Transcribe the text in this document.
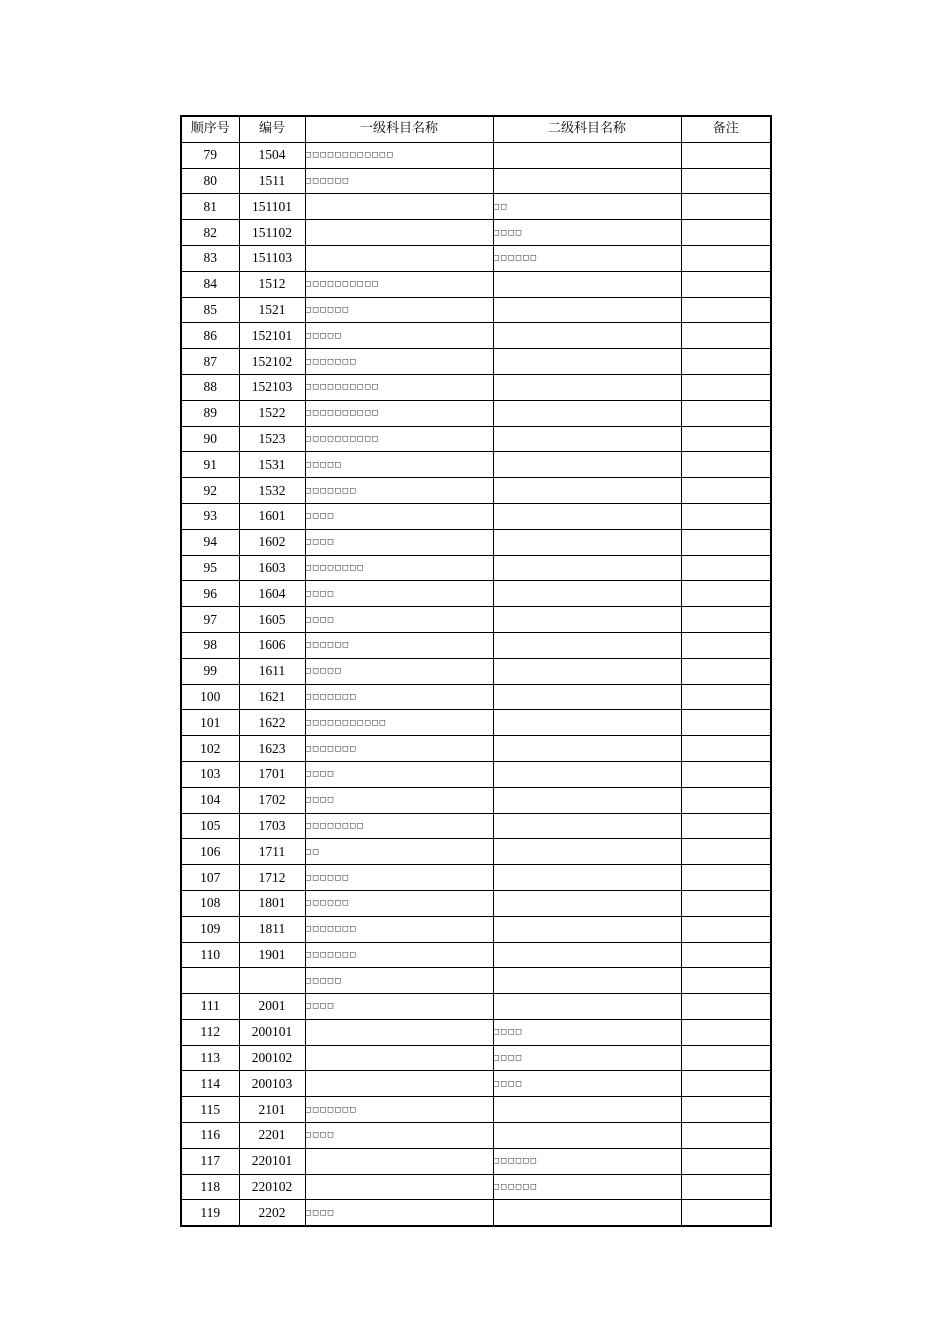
顺序号	编号	一级科目名称	二级科目名称	备注
79	1504	□□□□□□□□□□□□		
80	1511	□□□□□□		
81	151101		□□	
82	151102		□□□□	
83	151103		□□□□□□	
84	1512	□□□□□□□□□□		
85	1521	□□□□□□		
86	152101	□□□□□		
87	152102	□□□□□□□		
88	152103	□□□□□□□□□□		
89	1522	□□□□□□□□□□		
90	1523	□□□□□□□□□□		
91	1531	□□□□□		
92	1532	□□□□□□□		
93	1601	□□□□		
94	1602	□□□□		
95	1603	□□□□□□□□		
96	1604	□□□□		
97	1605	□□□□		
98	1606	□□□□□□		
99	1611	□□□□□		
100	1621	□□□□□□□		
101	1622	□□□□□□□□□□□		
102	1623	□□□□□□□		
103	1701	□□□□		
104	1702	□□□□		
105	1703	□□□□□□□□		
106	1711	□□		
107	1712	□□□□□□		
108	1801	□□□□□□		
109	1811	□□□□□□□		
110	1901	□□□□□□□		
		□□□□□		
111	2001	□□□□		
112	200101		□□□□	
113	200102		□□□□	
114	200103		□□□□	
115	2101	□□□□□□□		
116	2201	□□□□		
117	220101		□□□□□□	
118	220102		□□□□□□	
119	2202	□□□□		
